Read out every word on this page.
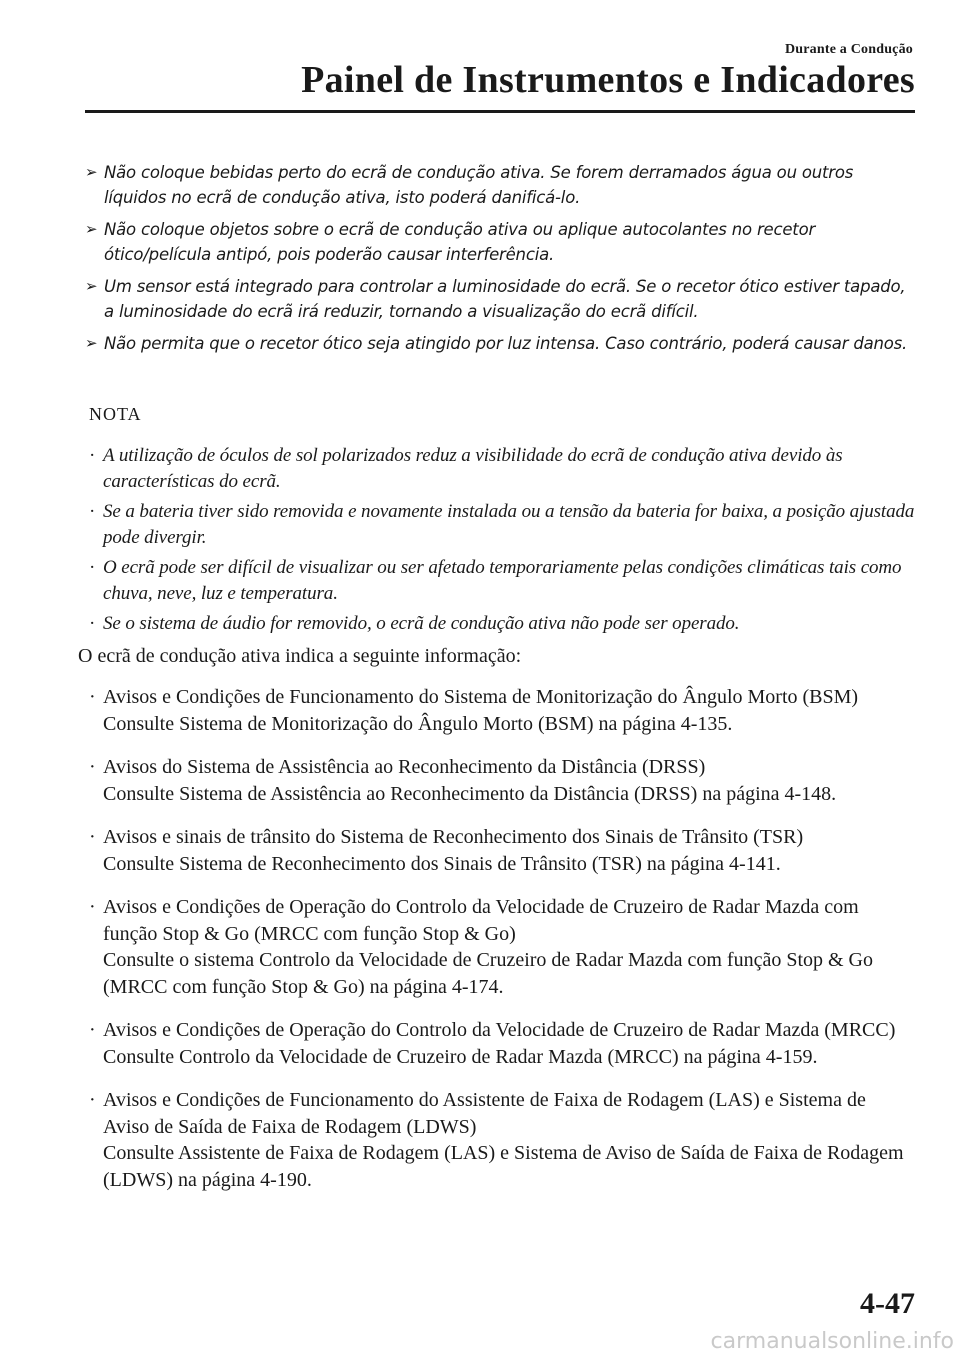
Durante a Condução
Painel de Instrumentos e Indicadores
➢ Não coloque bebidas perto do ecrã de condução ativa. Se forem derramados água ou outros líquidos no ecrã de condução ativa, isto poderá danificá-lo.
➢ Não coloque objetos sobre o ecrã de condução ativa ou aplique autocolantes no recetor ótico/película antipó, pois poderão causar interferência.
➢ Um sensor está integrado para controlar a luminosidade do ecrã. Se o recetor ótico estiver tapado, a luminosidade do ecrã irá reduzir, tornando a visualização do ecrã difícil.
➢ Não permita que o recetor ótico seja atingido por luz intensa. Caso contrário, poderá causar danos.
NOTA
· A utilização de óculos de sol polarizados reduz a visibilidade do ecrã de condução ativa devido às características do ecrã.
· Se a bateria tiver sido removida e novamente instalada ou a tensão da bateria for baixa, a posição ajustada pode divergir.
· O ecrã pode ser difícil de visualizar ou ser afetado temporariamente pelas condições climáticas tais como chuva, neve, luz e temperatura.
· Se o sistema de áudio for removido, o ecrã de condução ativa não pode ser operado.
O ecrã de condução ativa indica a seguinte informação:
· Avisos e Condições de Funcionamento do Sistema de Monitorização do Ângulo Morto (BSM)
Consulte Sistema de Monitorização do Ângulo Morto (BSM) na página 4-135.
· Avisos do Sistema de Assistência ao Reconhecimento da Distância (DRSS)
Consulte Sistema de Assistência ao Reconhecimento da Distância (DRSS) na página 4-148.
· Avisos e sinais de trânsito do Sistema de Reconhecimento dos Sinais de Trânsito (TSR)
Consulte Sistema de Reconhecimento dos Sinais de Trânsito (TSR) na página 4-141.
· Avisos e Condições de Operação do Controlo da Velocidade de Cruzeiro de Radar Mazda com função Stop & Go (MRCC com função Stop & Go)
Consulte o sistema Controlo da Velocidade de Cruzeiro de Radar Mazda com função Stop & Go (MRCC com função Stop & Go) na página 4-174.
· Avisos e Condições de Operação do Controlo da Velocidade de Cruzeiro de Radar Mazda (MRCC)
Consulte Controlo da Velocidade de Cruzeiro de Radar Mazda (MRCC) na página 4-159.
· Avisos e Condições de Funcionamento do Assistente de Faixa de Rodagem (LAS) e Sistema de Aviso de Saída de Faixa de Rodagem (LDWS)
Consulte Assistente de Faixa de Rodagem (LAS) e Sistema de Aviso de Saída de Faixa de Rodagem (LDWS) na página 4-190.
4-47
carmanualsonline.info
